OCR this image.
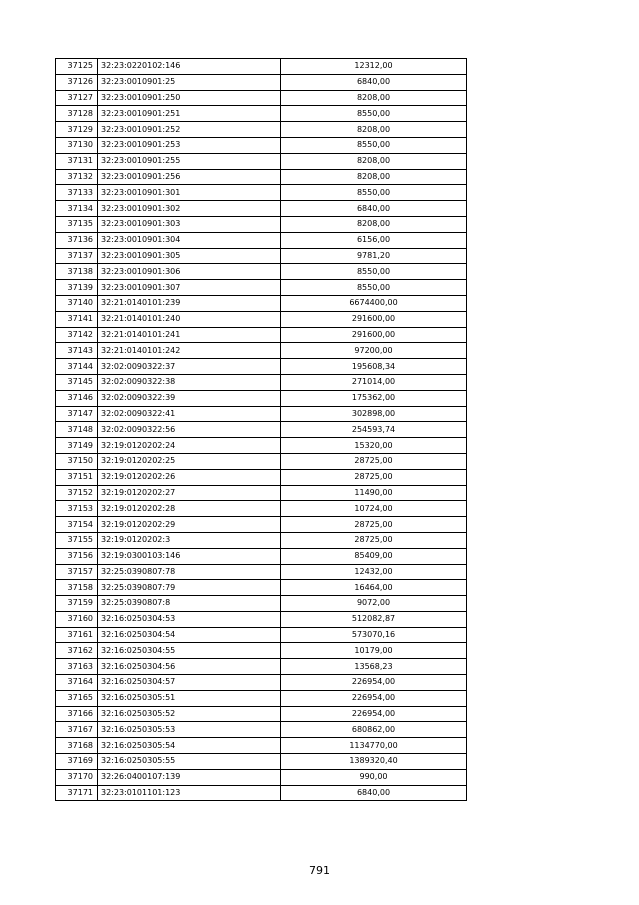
37125	32:23:0220102:146	12312,00
37126	32:23:0010901:25	6840,00
37127	32:23:0010901:250	8208,00
37128	32:23:0010901:251	8550,00
37129	32:23:0010901:252	8208,00
37130	32:23:0010901:253	8550,00
37131	32:23:0010901:255	8208,00
37132	32:23:0010901:256	8208,00
37133	32:23:0010901:301	8550,00
37134	32:23:0010901:302	6840,00
37135	32:23:0010901:303	8208,00
37136	32:23:0010901:304	6156,00
37137	32:23:0010901:305	9781,20
37138	32:23:0010901:306	8550,00
37139	32:23:0010901:307	8550,00
37140	32:21:0140101:239	6674400,00
37141	32:21:0140101:240	291600,00
37142	32:21:0140101:241	291600,00
37143	32:21:0140101:242	97200,00
37144	32:02:0090322:37	195608,34
37145	32:02:0090322:38	271014,00
37146	32:02:0090322:39	175362,00
37147	32:02:0090322:41	302898,00
37148	32:02:0090322:56	254593,74
37149	32:19:0120202:24	15320,00
37150	32:19:0120202:25	28725,00
37151	32:19:0120202:26	28725,00
37152	32:19:0120202:27	11490,00
37153	32:19:0120202:28	10724,00
37154	32:19:0120202:29	28725,00
37155	32:19:0120202:3	28725,00
37156	32:19:0300103:146	85409,00
37157	32:25:0390807:78	12432,00
37158	32:25:0390807:79	16464,00
37159	32:25:0390807:8	9072,00
37160	32:16:0250304:53	512082,87
37161	32:16:0250304:54	573070,16
37162	32:16:0250304:55	10179,00
37163	32:16:0250304:56	13568,23
37164	32:16:0250304:57	226954,00
37165	32:16:0250305:51	226954,00
37166	32:16:0250305:52	226954,00
37167	32:16:0250305:53	680862,00
37168	32:16:0250305:54	1134770,00
37169	32:16:0250305:55	1389320,40
37170	32:26:0400107:139	990,00
37171	32:23:0101101:123	6840,00
791
